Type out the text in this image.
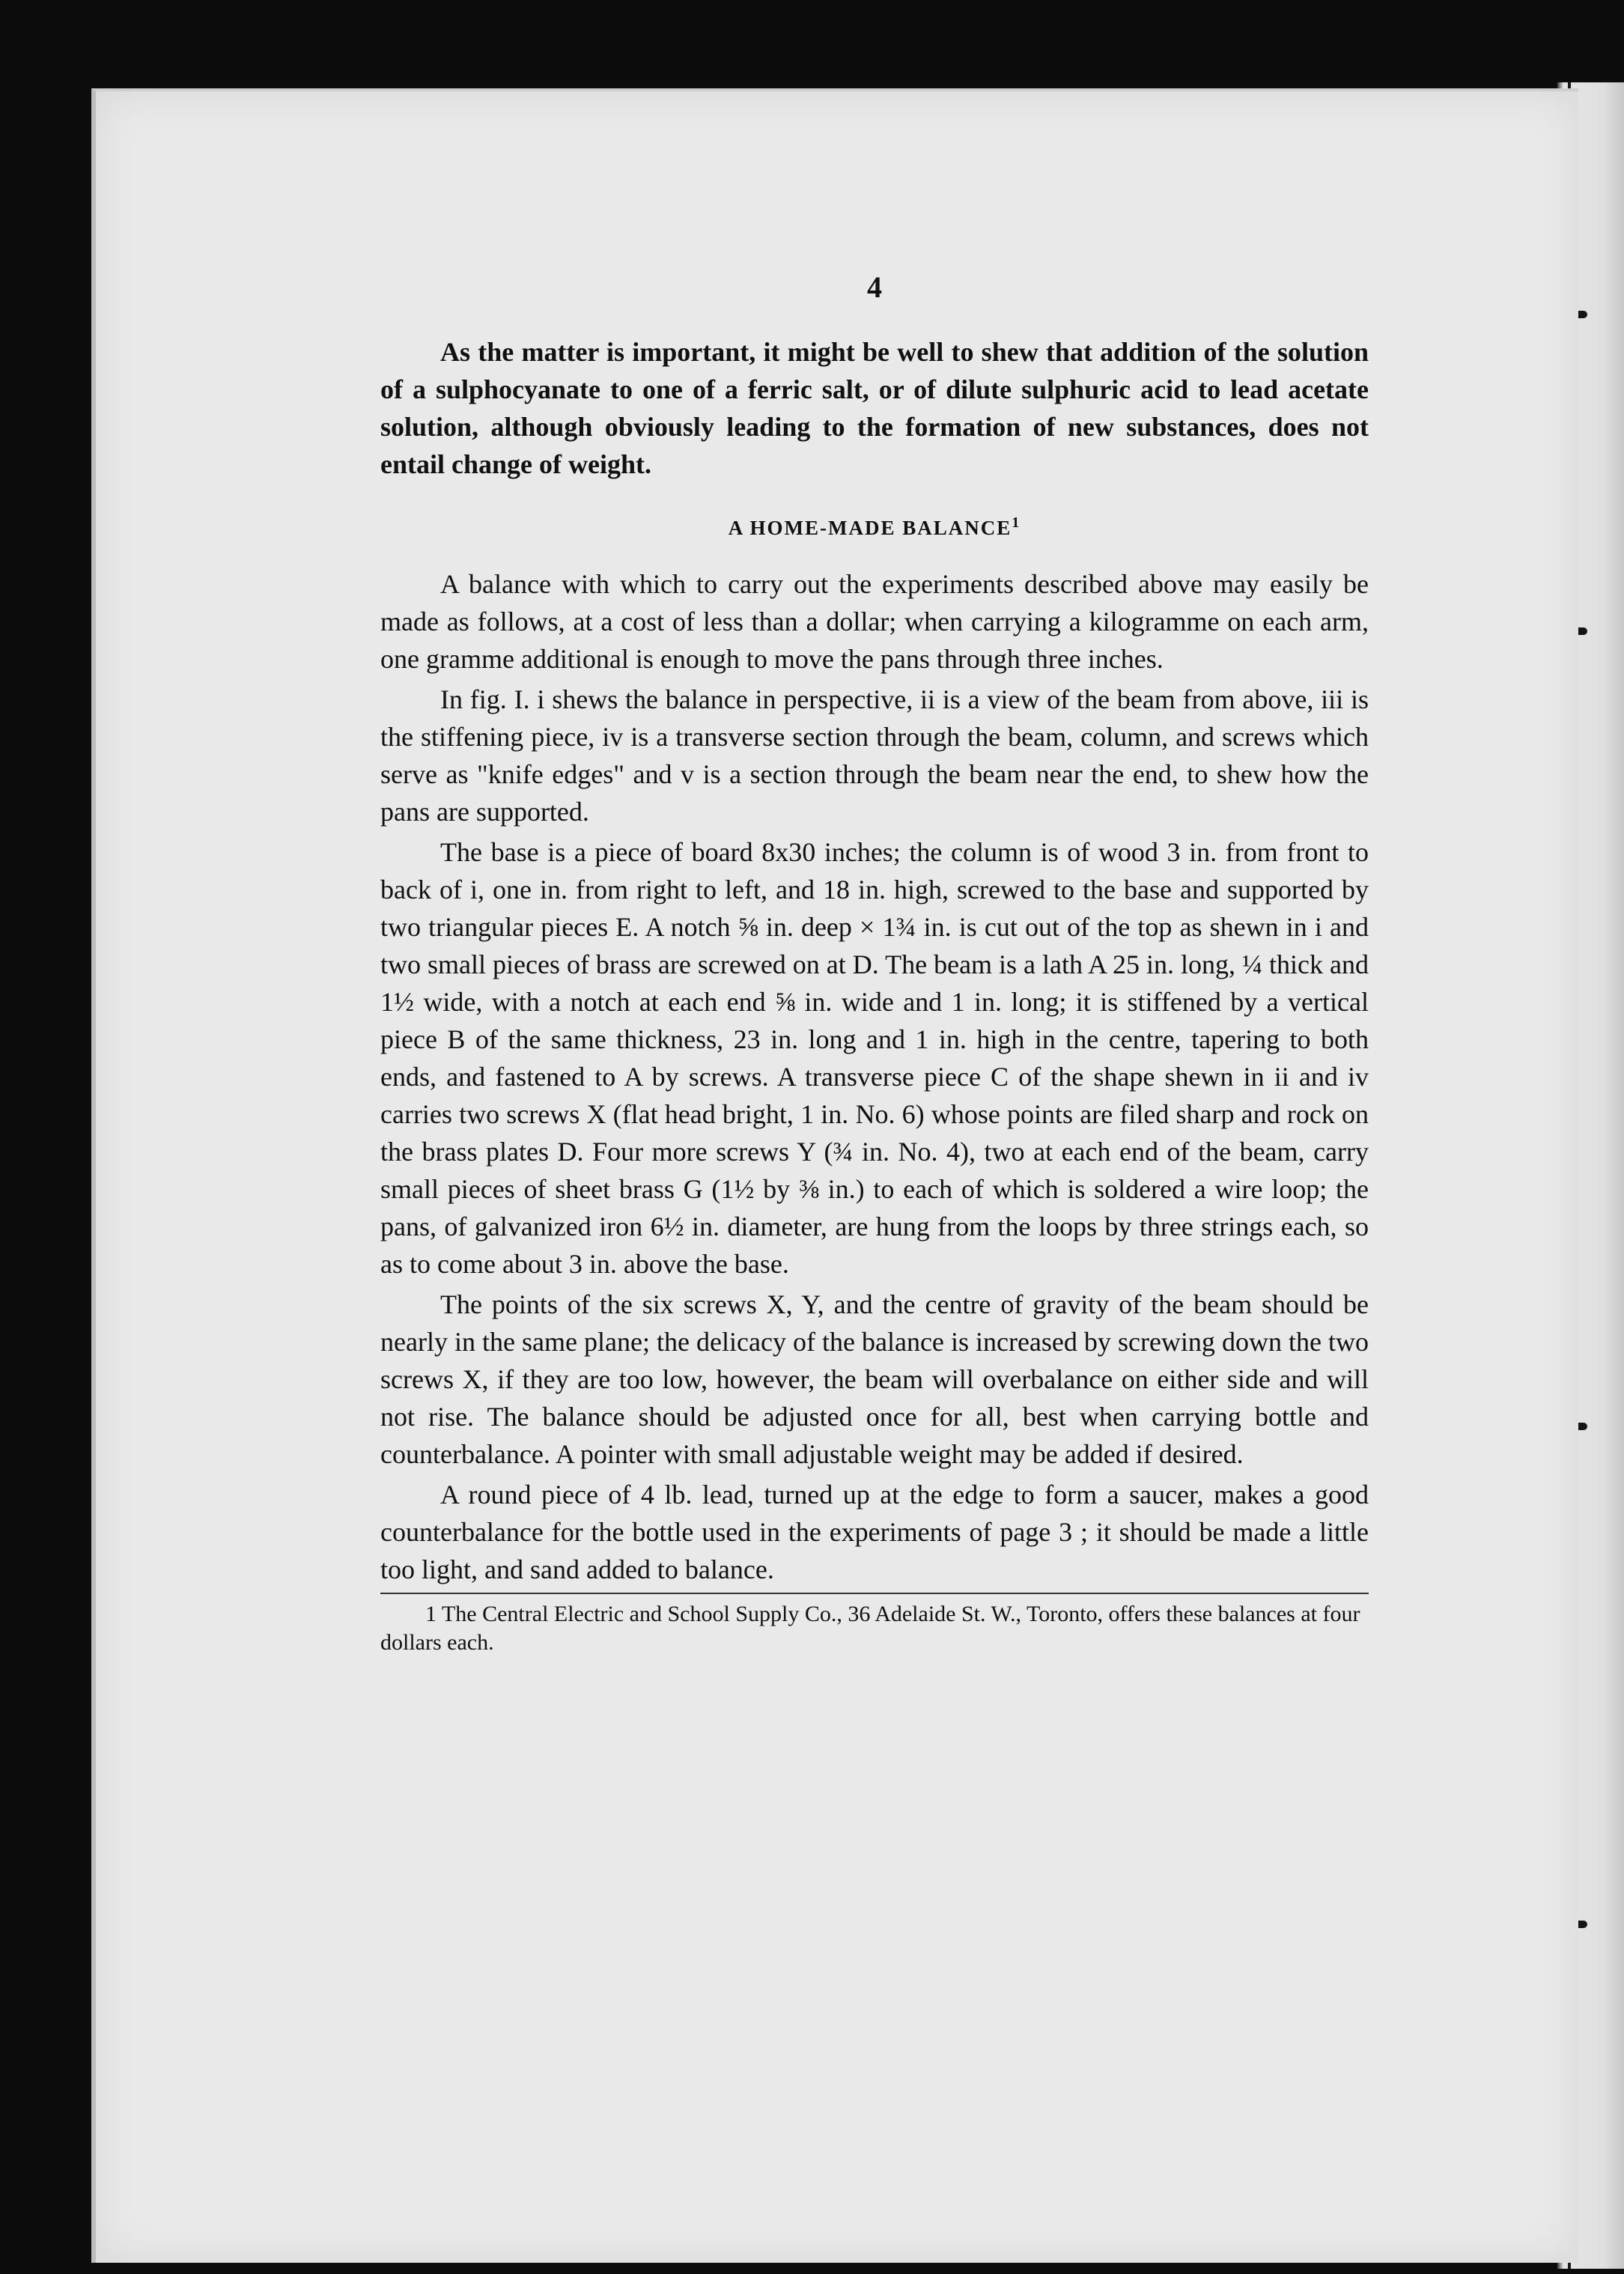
4

As the matter is important, it might be well to shew that addition of the solution of a sulphocyanate to one of a ferric salt, or of dilute sulphuric acid to lead acetate solution, although obviously leading to the formation of new substances, does not entail change of weight.

A HOME-MADE BALANCE$^1$

A balance with which to carry out the experiments described above may easily be made as follows, at a cost of less than a dollar; when carrying a kilogramme on each arm, one gramme additional is enough to move the pans through three inches.

In fig. I. i shews the balance in perspective, ii is a view of the beam from above, iii is the stiffening piece, iv is a transverse section through the beam, column, and screws which serve as "knife edges" and v is a section through the beam near the end, to shew how the pans are supported.

The base is a piece of board 8x30 inches; the column is of wood 3 in. from front to back of i, one in. from right to left, and 18 in. high, screwed to the base and supported by two triangular pieces E. A notch ⅝ in. deep × 1¾ in. is cut out of the top as shewn in i and two small pieces of brass are screwed on at D. The beam is a lath A 25 in. long, ¼ thick and 1½ wide, with a notch at each end ⅝ in. wide and 1 in. long; it is stiffened by a vertical piece B of the same thickness, 23 in. long and 1 in. high in the centre, tapering to both ends, and fastened to A by screws. A transverse piece C of the shape shewn in ii and iv carries two screws X (flat head bright, 1 in. No. 6) whose points are filed sharp and rock on the brass plates D. Four more screws Y (¾ in. No. 4), two at each end of the beam, carry small pieces of sheet brass G (1½ by ⅜ in.) to each of which is soldered a wire loop; the pans, of galvanized iron 6½ in. diameter, are hung from the loops by three strings each, so as to come about 3 in. above the base.

The points of the six screws X, Y, and the centre of gravity of the beam should be nearly in the same plane; the delicacy of the balance is increased by screwing down the two screws X, if they are too low, however, the beam will overbalance on either side and will not rise. The balance should be adjusted once for all, best when carrying bottle and counterbalance. A pointer with small adjustable weight may be added if desired.

A round piece of 4 lb. lead, turned up at the edge to form a saucer, makes a good counterbalance for the bottle used in the experiments of page 3 ; it should be made a little too light, and sand added to balance.

1 The Central Electric and School Supply Co., 36 Adelaide St. W., Toronto, offers these balances at four dollars each.
